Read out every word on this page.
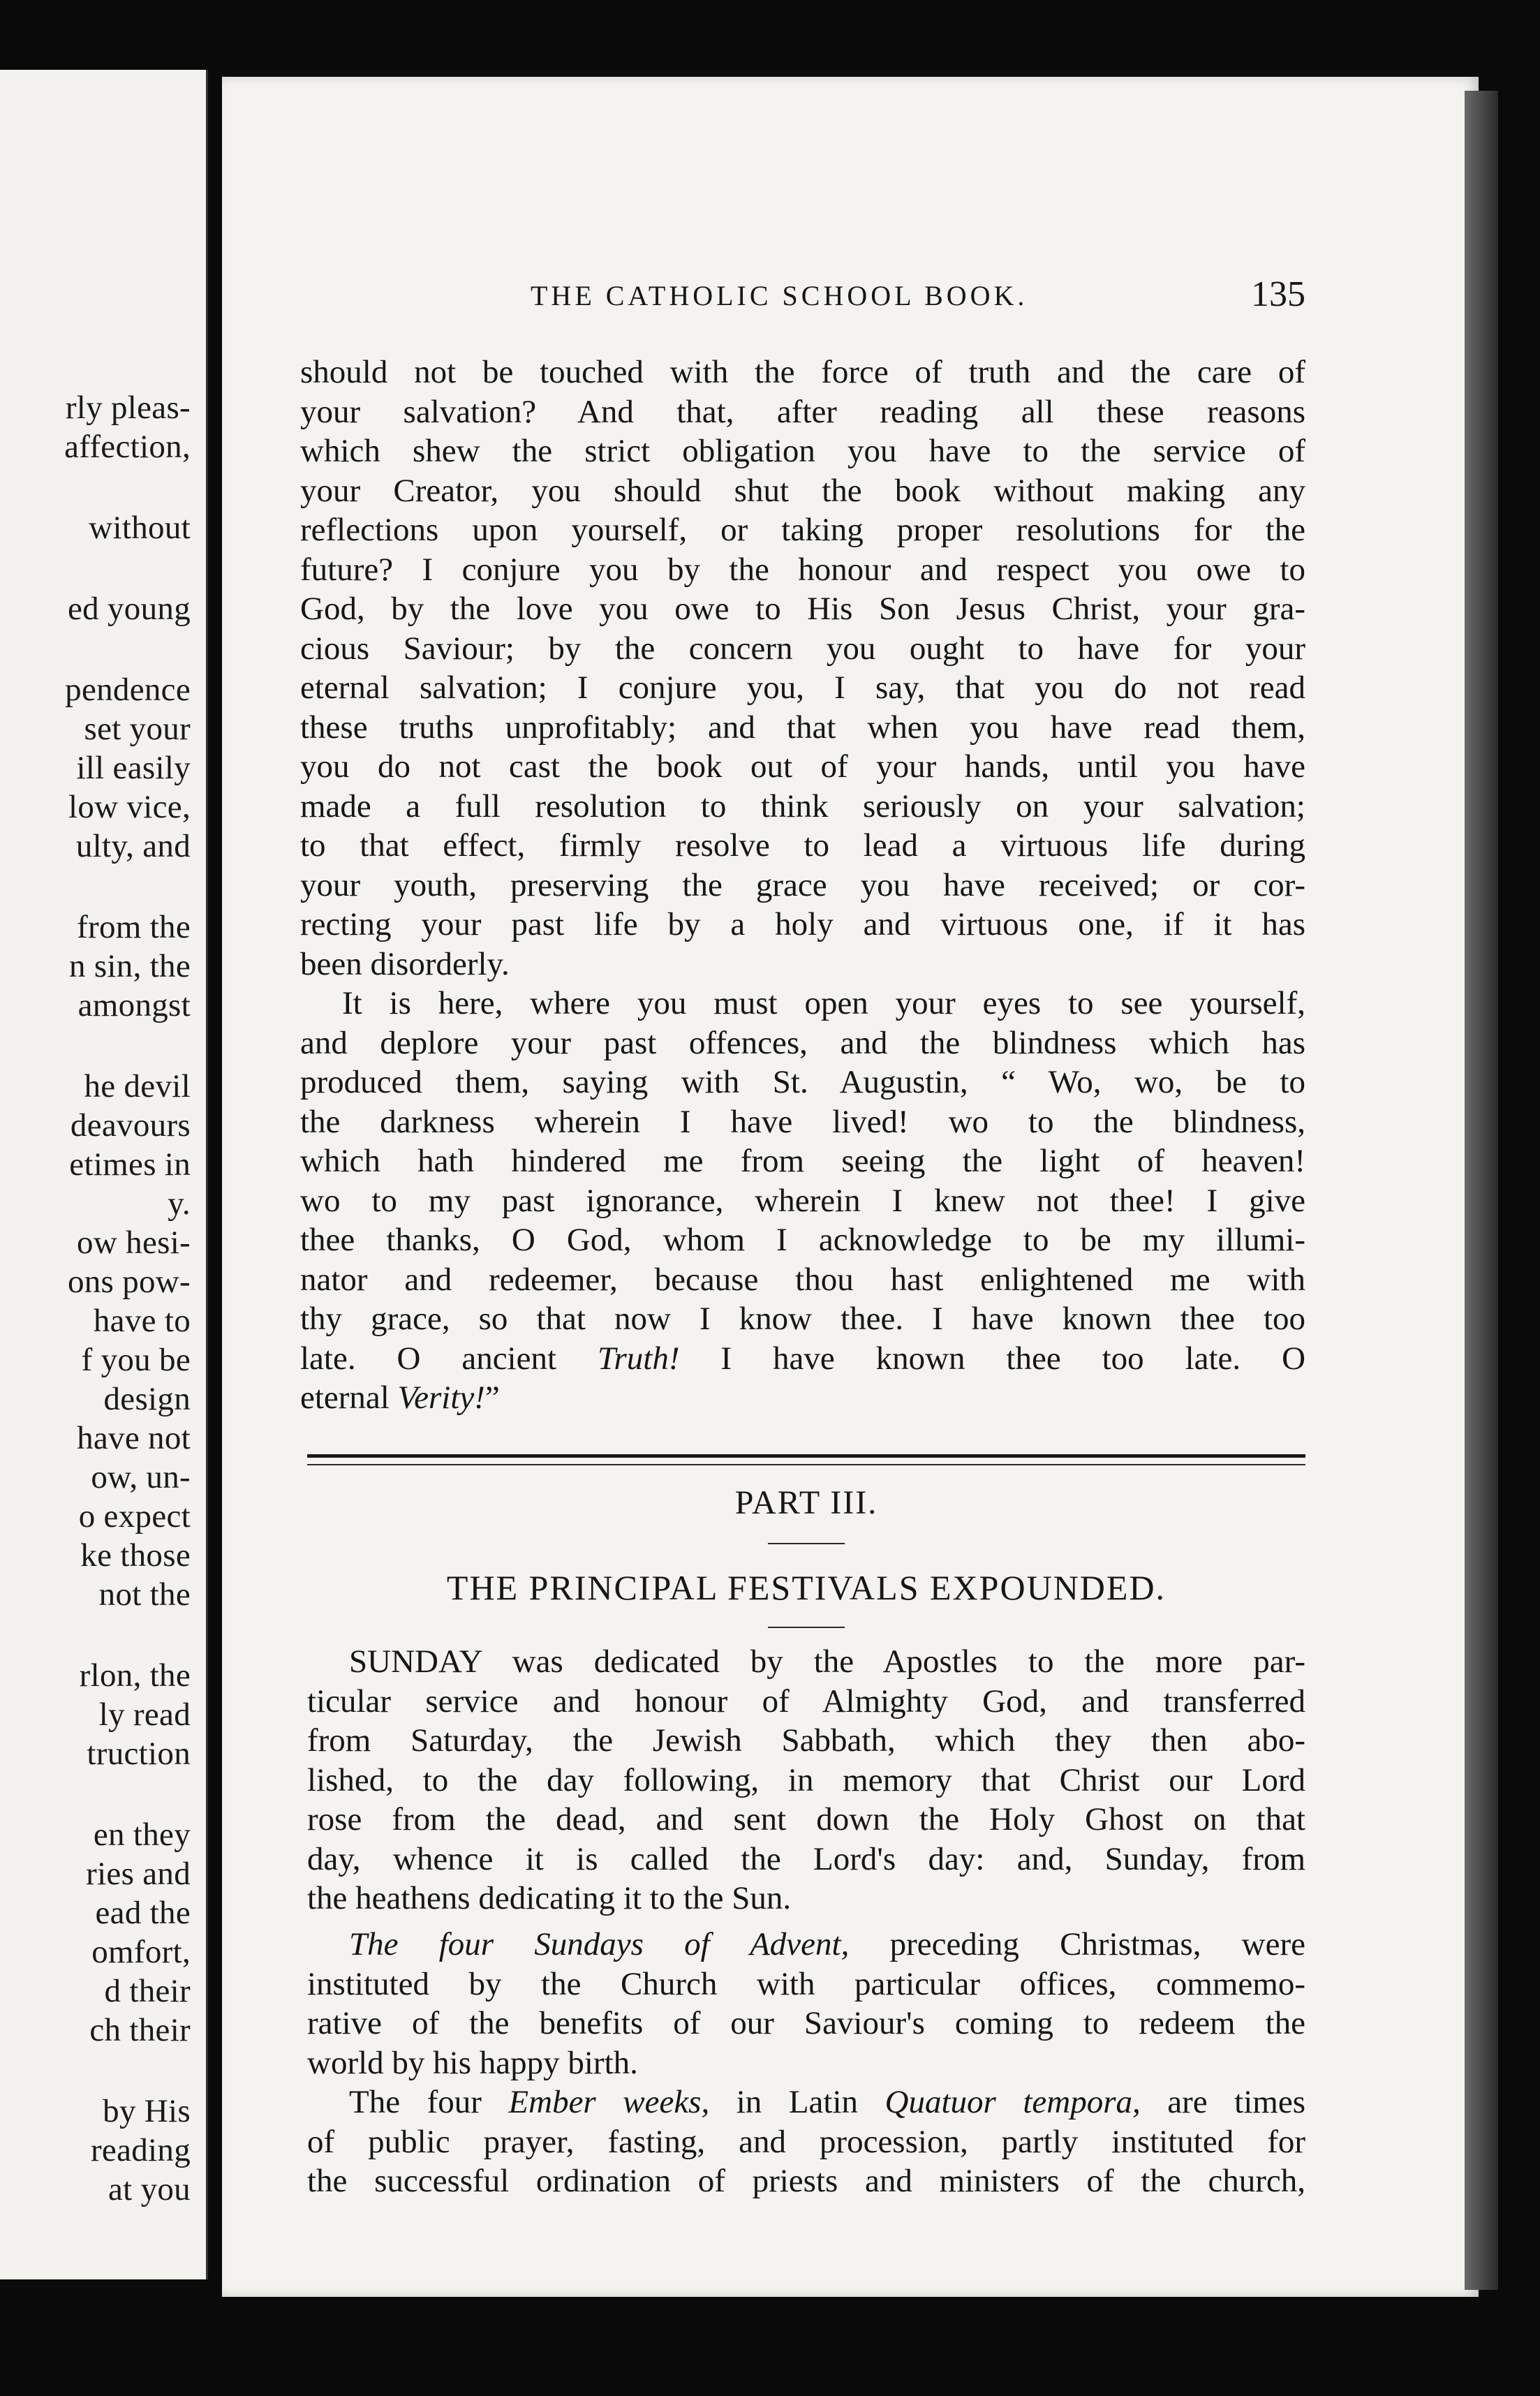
rly pleas-
affection,
without
ed young
pendence
set your
ill easily
low vice,
ulty, and
from the
n sin, the
amongst
he devil
deavours
etimes in
y.
ow hesi-
ons pow-
have to
f you be
design
have not
ow, un-
o expect
ke those
not the
rlon, the
ly read
truction
en they
ries and
ead the
omfort,
d their
ch their
by His
reading
at you
THE CATHOLIC SCHOOL BOOK.	135
should not be touched with the force of truth and the care of
your salvation? And that, after reading all these reasons
which shew the strict obligation you have to the service of
your Creator, you should shut the book without making any
reflections upon yourself, or taking proper resolutions for the
future? I conjure you by the honour and respect you owe to
God, by the love you owe to His Son Jesus Christ, your gra-
cious Saviour; by the concern you ought to have for your
eternal salvation; I conjure you, I say, that you do not read
these truths unprofitably; and that when you have read them,
you do not cast the book out of your hands, until you have
made a full resolution to think seriously on your salvation;
to that effect, firmly resolve to lead a virtuous life during
your youth, preserving the grace you have received; or cor-
recting your past life by a holy and virtuous one, if it has
been disorderly.
It is here, where you must open your eyes to see yourself,
and deplore your past offences, and the blindness which has
produced them, saying with St. Augustin, “ Wo, wo, be to
the darkness wherein I have lived! wo to the blindness,
which hath hindered me from seeing the light of heaven!
wo to my past ignorance, wherein I knew not thee! I give
thee thanks, O God, whom I acknowledge to be my illumi-
nator and redeemer, because thou hast enlightened me with
thy grace, so that now I know thee. I have known thee too
late. O ancient Truth! I have known thee too late. O
eternal Verity!”
PART III.
THE PRINCIPAL FESTIVALS EXPOUNDED.
SUNDAY was dedicated by the Apostles to the more par-
ticular service and honour of Almighty God, and transferred
from Saturday, the Jewish Sabbath, which they then abo-
lished, to the day following, in memory that Christ our Lord
rose from the dead, and sent down the Holy Ghost on that
day, whence it is called the Lord's day: and, Sunday, from
the heathens dedicating it to the Sun.
The four Sundays of Advent, preceding Christmas, were
instituted by the Church with particular offices, commemo-
rative of the benefits of our Saviour's coming to redeem the
world by his happy birth.
The four Ember weeks, in Latin Quatuor tempora, are times
of public prayer, fasting, and procession, partly instituted for
the successful ordination of priests and ministers of the church,
